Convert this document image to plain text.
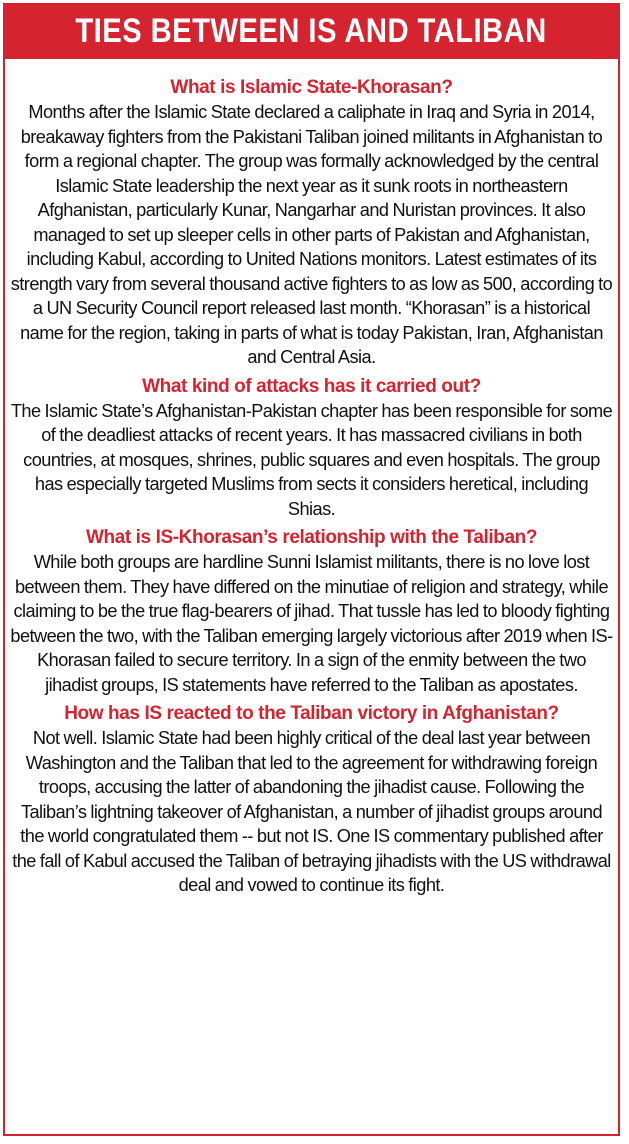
TIES BETWEEN IS AND TALIBAN

What is Islamic State-Khorasan?

Months after the Islamic State declared a caliphate in Iraq and Syria in 2014, breakaway fighters from the Pakistani Taliban joined militants in Afghanistan to form a regional chapter. The group was formally acknowledged by the central Islamic State leadership the next year as it sunk roots in northeastern Afghanistan, particularly Kunar, Nangarhar and Nuristan provinces. It also managed to set up sleeper cells in other parts of Pakistan and Afghanistan, including Kabul, according to United Nations monitors. Latest estimates of its strength vary from several thousand active fighters to as low as 500, according to a UN Security Council report released last month. “Khorasan” is a historical name for the region, taking in parts of what is today Pakistan, Iran, Afghanistan and Central Asia.

What kind of attacks has it carried out?

The Islamic State’s Afghanistan-Pakistan chapter has been responsible for some of the deadliest attacks of recent years. It has massacred civilians in both countries, at mosques, shrines, public squares and even hospitals. The group has especially targeted Muslims from sects it considers heretical, including Shias.

What is IS-Khorasan’s relationship with the Taliban?

While both groups are hardline Sunni Islamist militants, there is no love lost between them. They have differed on the minutiae of religion and strategy, while claiming to be the true flag-bearers of jihad. That tussle has led to bloody fighting between the two, with the Taliban emerging largely victorious after 2019 when IS-Khorasan failed to secure territory. In a sign of the enmity between the two jihadist groups, IS statements have referred to the Taliban as apostates.

How has IS reacted to the Taliban victory in Afghanistan?

Not well. Islamic State had been highly critical of the deal last year between Washington and the Taliban that led to the agreement for withdrawing foreign troops, accusing the latter of abandoning the jihadist cause. Following the Taliban’s lightning takeover of Afghanistan, a number of jihadist groups around the world congratulated them -- but not IS. One IS commentary published after the fall of Kabul accused the Taliban of betraying jihadists with the US withdrawal deal and vowed to continue its fight.
